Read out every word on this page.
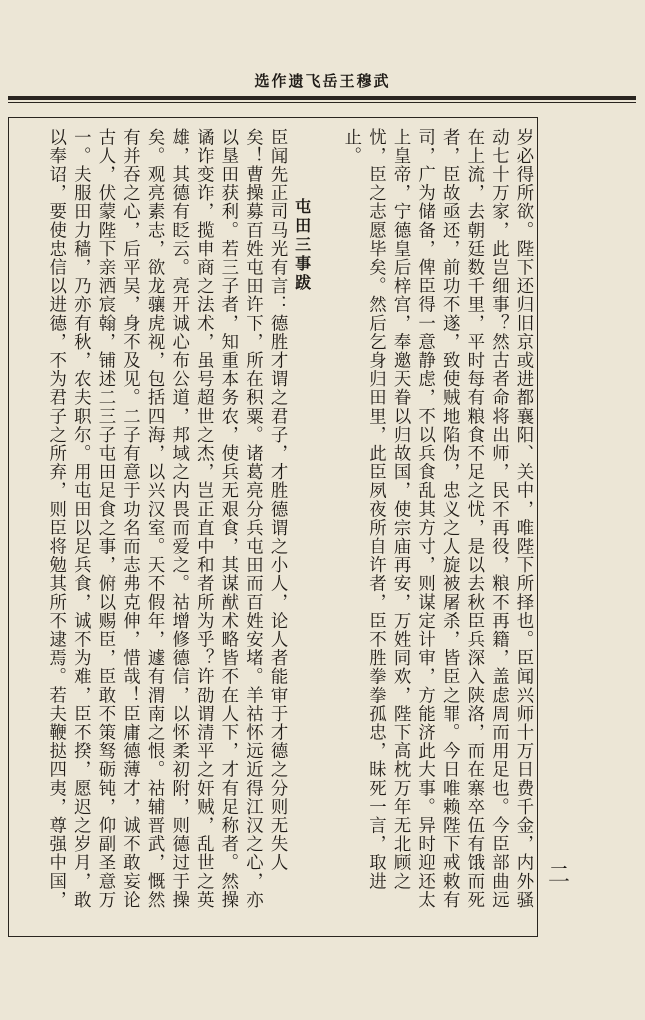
选作遗飞岳王穆武
岁必得所欲。陛下还归旧京或进都襄阳、关中，唯陛下所择也。臣闻兴师十万日费千金，内外骚
动七十万家，此岂细事？然古者命将出师，民不再役，粮不再籍，盖虑周而用足也。今臣部曲远
在上流，去朝廷数千里，平时每有粮食不足之忧，是以去秋臣兵深入陕洛，而在寨卒伍有饿而死
者，臣故亟还，前功不遂，致使贼地陷伪，忠义之人旋被屠杀，皆臣之罪。今日唯赖陛下戒敕有
司，广为储备，俾臣得一意静虑，不以兵食乱其方寸，则谋定计审，方能济此大事。异时迎还太
上皇帝，宁德皇后梓宫，奉邀天眷以归故国，使宗庙再安，万姓同欢，陛下高枕万年无北顾之
忧，臣之志愿毕矣。然后乞身归田里，此臣夙夜所自许者，臣不胜拳拳孤忠，昧死一言，取进
止。
屯田三事跋
臣闻先正司马光有言：德胜才谓之君子，才胜德谓之小人，论人者能审于才德之分则无失人
矣！曹操募百姓屯田许下，所在积粟。诸葛亮分兵屯田而百姓安堵。羊祜怀远近得江汉之心，亦
以垦田获利。若三子者，知重本务农，使兵无艰食，其谋猷术略皆不在人下，才有足称者。然操
谲诈变诈，揽申商之法术，虽号超世之杰，岂正直中和者所为乎？许劭谓清平之奸贼，乱世之英
雄，其德有眨云。亮开诚心布公道，邦域之内畏而爱之。祜增修德信，以怀柔初附，则德过于操
矣。观亮素志，欲龙骧虎视，包括四海，以兴汉室。天不假年，遽有渭南之恨。祜辅晋武，慨然
有并吞之心，后平吴，身不及见。二子有意于功名而志弗克伸，惜哉！臣庸德薄才，诚不敢妄论
古人，伏蒙陛下亲洒宸翰，铺述二三子屯田足食之事，俯以赐臣，臣敢不策驽砺钝，仰副圣意万
一。夫服田力穑，乃亦有秋，农夫职尔。用屯田以足兵食，诚不为难，臣不揆，愿迟之岁月，敢
以奉诏，要使忠信以进德，不为君子之所弃，则臣将勉其所不逮焉。若夫鞭挞四夷，尊强中国，	二
